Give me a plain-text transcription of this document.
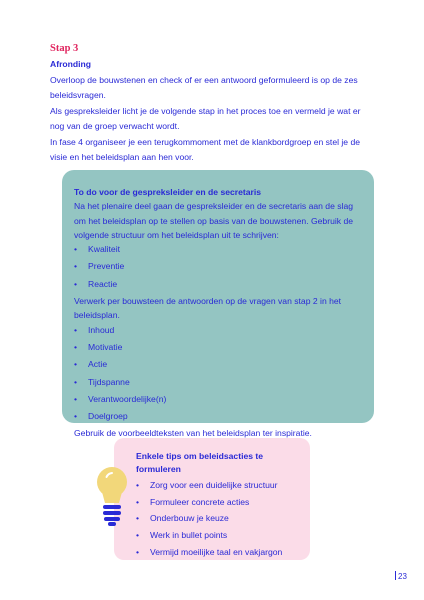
Stap 3

Afronding

Overloop de bouwstenen en check of er een antwoord geformuleerd is op de zes beleidsvragen.

Als gespreksleider licht je de volgende stap in het proces toe en vermeld je wat er nog van de groep verwacht wordt.

In fase 4 organiseer je een terugkommoment met de klankbordgroep en stel je de visie en het beleidsplan aan hen voor.

To do voor de gespreksleider en de secretaris

Na het plenaire deel gaan de gespreksleider en de secretaris aan de slag om het beleidsplan op te stellen op basis van de bouwstenen. Gebruik de volgende structuur om het beleidsplan uit te schrijven:

• Kwaliteit
• Preventie
• Reactie

Verwerk per bouwsteen de antwoorden op de vragen van stap 2 in het beleidsplan.

• Inhoud
• Motivatie
• Actie
• Tijdspanne
• Verantwoordelijke(n)
• Doelgroep

Gebruik de voorbeeldteksten van het beleidsplan ter inspiratie.

Enkele tips om beleidsacties te formuleren
• Zorg voor een duidelijke structuur
• Formuleer concrete acties
• Onderbouw je keuze
• Werk in bullet points
• Vermijd moeilijke taal en vakjargon
23
